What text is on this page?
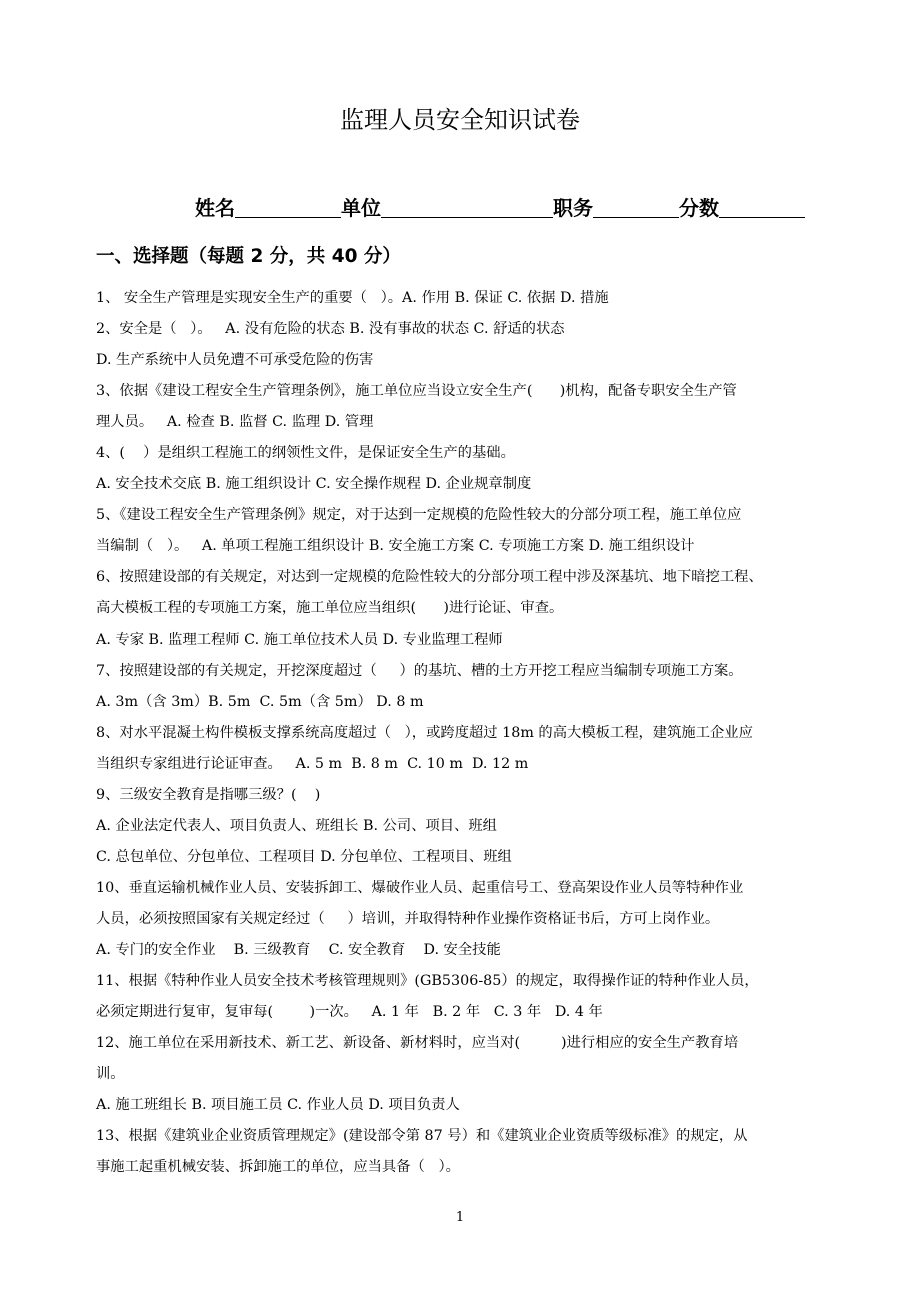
监理人员安全知识试卷
姓名	单位	职务	分数
一、选择题（每题 2 分，共 40 分）
1、 安全生产管理是实现安全生产的重要（   ）。A. 作用 B. 保证 C. 依据 D. 措施
2、安全是（   ）。   A. 没有危险的状态 B. 没有事故的状态 C. 舒适的状态
D. 生产系统中人员免遭不可承受危险的伤害
3、依据《建设工程安全生产管理条例》，施工单位应当设立安全生产(      )机构，配备专职安全生产管
理人员。   A. 检查 B. 监督 C. 监理 D. 管理
4、(    ）是组织工程施工的纲领性文件，是保证安全生产的基础。
A. 安全技术交底 B. 施工组织设计 C. 安全操作规程 D. 企业规章制度
5、《建设工程安全生产管理条例》规定，对于达到一定规模的危险性较大的分部分项工程，施工单位应
当编制（   ）。   A. 单项工程施工组织设计 B. 安全施工方案 C. 专项施工方案 D. 施工组织设计
6、按照建设部的有关规定，对达到一定规模的危险性较大的分部分项工程中涉及深基坑、地下暗挖工程、
高大模板工程的专项施工方案，施工单位应当组织(      )进行论证、审查。
A. 专家 B. 监理工程师 C. 施工单位技术人员 D. 专业监理工程师
7、按照建设部的有关规定，开挖深度超过（     ）的基坑、槽的土方开挖工程应当编制专项施工方案。
A. 3m（含 3m）B. 5m  C. 5m（含 5m） D. 8 m
8、对水平混凝土构件模板支撑系统高度超过（   ），或跨度超过 18m 的高大模板工程，建筑施工企业应
当组织专家组进行论证审查。   A. 5 m  B. 8 m  C. 10 m  D. 12 m
9、三级安全教育是指哪三级？(    )
A. 企业法定代表人、项目负责人、班组长 B. 公司、项目、班组
C. 总包单位、分包单位、工程项目 D. 分包单位、工程项目、班组
10、垂直运输机械作业人员、安装拆卸工、爆破作业人员、起重信号工、登高架设作业人员等特种作业
人员，必须按照国家有关规定经过（     ）培训，并取得特种作业操作资格证书后，方可上岗作业。
A. 专门的安全作业    B. 三级教育    C. 安全教育    D. 安全技能
11、根据《特种作业人员安全技术考核管理规则》(GB5306-85）的规定，取得操作证的特种作业人员，
必须定期进行复审，复审每(        )一次。   A. 1 年   B. 2 年   C. 3 年   D. 4 年
12、施工单位在采用新技术、新工艺、新设备、新材料时，应当对(         )进行相应的安全生产教育培
训。
A. 施工班组长 B. 项目施工员 C. 作业人员 D. 项目负责人
13、根据《建筑业企业资质管理规定》(建设部令第 87 号）和《建筑业企业资质等级标准》的规定，从
事施工起重机械安装、拆卸施工的单位，应当具备（   ）。
1
